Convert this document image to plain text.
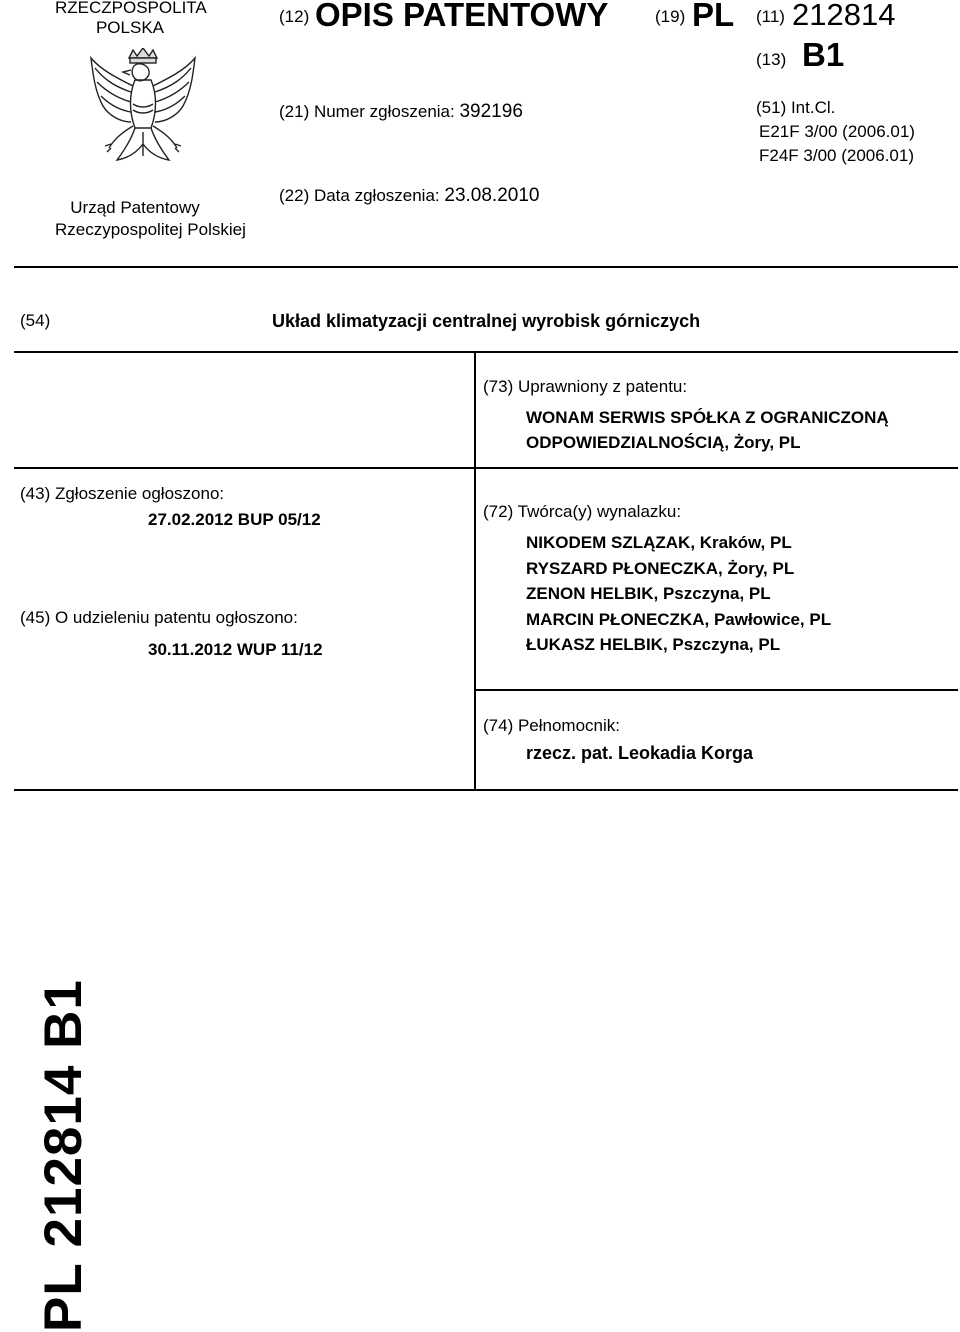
RZECZPOSPOLITA
POLSKA
Urząd Patentowy
Rzeczypospolitej Polskiej
(12) OPIS PATENTOWY	(19) PL (11) 212814
(13) B1
(21) Numer zgłoszenia: 392196	(51) Int.Cl.
E21F 3/00 (2006.01)
F24F 3/00 (2006.01)
(22) Data zgłoszenia: 23.08.2010
(54)	Układ klimatyzacji centralnej wyrobisk górniczych
(73) Uprawniony z patentu:
WONAM SERWIS SPÓŁKA Z OGRANICZONĄ
ODPOWIEDZIALNOŚCIĄ, Żory, PL
(43) Zgłoszenie ogłoszono:
27.02.2012 BUP 05/12
(45) O udzieleniu patentu ogłoszono:
30.11.2012 WUP 11/12
(72) Twórca(y) wynalazku:
NIKODEM SZLĄZAK, Kraków, PL
RYSZARD PŁONECZKA, Żory, PL
ZENON HELBIK, Pszczyna, PL
MARCIN PŁONECZKA, Pawłowice, PL
ŁUKASZ HELBIK, Pszczyna, PL
(74) Pełnomocnik:
rzecz. pat. Leokadia Korga
PL 212814 B1
